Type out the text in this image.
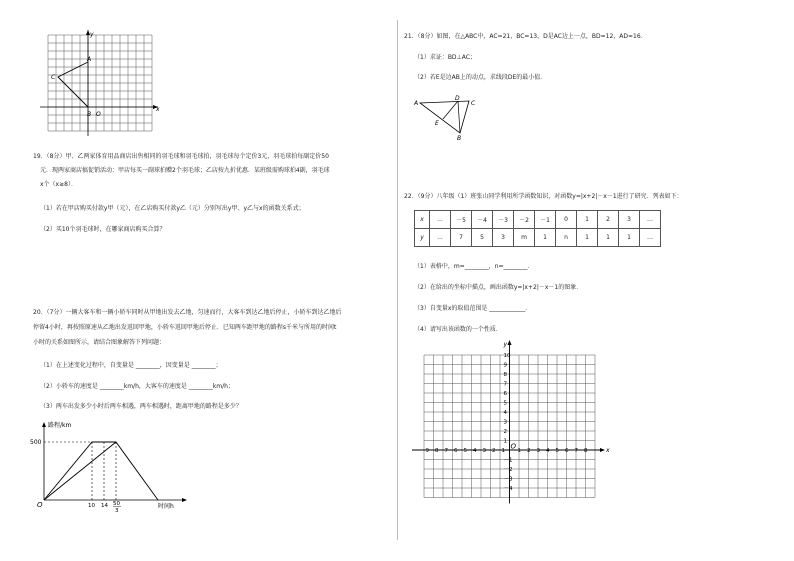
y
x
A
C
B O
19．（8分）甲、乙两家体育用品商店出售相同的羽毛球和羽毛球拍，羽毛球每个定价3元，羽毛球拍每副定价50
元．现两家商店搞促销活动：甲店每买一副球拍赠2个羽毛球；乙店按九折优惠．某班级需购球拍4副，羽毛球
x个（x≥8）．
（1）若在甲店购买付款y甲（元），在乙店购买付款y乙（元）分别写出y甲、y乙与x的函数关系式；
（2）买10个羽毛球时，在哪家商店购买合算？
20．（7分）一辆大客车和一辆小轿车同时从甲地出发去乙地，匀速而行，大客车到达乙地后停止，小轿车到达乙地后
停留4小时，再按照原速从乙地出发返回甲地，小轿车返回甲地后停止．已知两车距甲地的路程s千米与所用的时间t
小时的关系如图所示，请结合图象解答下列问题：
（1）在上述变化过程中，自变量是 ________，因变量是 ________；
（2）小轿车的速度是 ________km/h，大客车的速度是 ________km/h；
（3）两车出发多少小时后两车相遇，两车相遇时，距离甲地的路程是多少？
路程/km
500
O	10 14 50
3
时间h
21．（8分）如图，在△ABC中，AC=21，BC=13，D是AC边上一点，BD=12，AD=16．
（1）求证：BD⊥AC；
（2）若E是边AB上的动点，求线段DE的最小值．
A
D
C
E
B
22．（9分）八年级（1）班张山同学利用所学函数知识，对函数y=|x+2|－x－1进行了研究．列表如下：
x	…	－5	－4	－3	－2	－1	0	1	2	3	…
y	…	7	5	3	m	1	n	1	1	1	…
（1）表格中，m=________，n=________．
（2）在给出的坐标中描点，画出函数y=|x+2|－x－1的图象．
（3）自变量x的取值范围是 ____________．
（4）请写出该函数的一个性质．
x
y
O
10
9
8
7
6
5
4
3
2
1
－1
－2
－3
－4
－9 －8 －7 －6 －5 －4 －3 －2 －1 1 2 3 4 5 6 7 8
